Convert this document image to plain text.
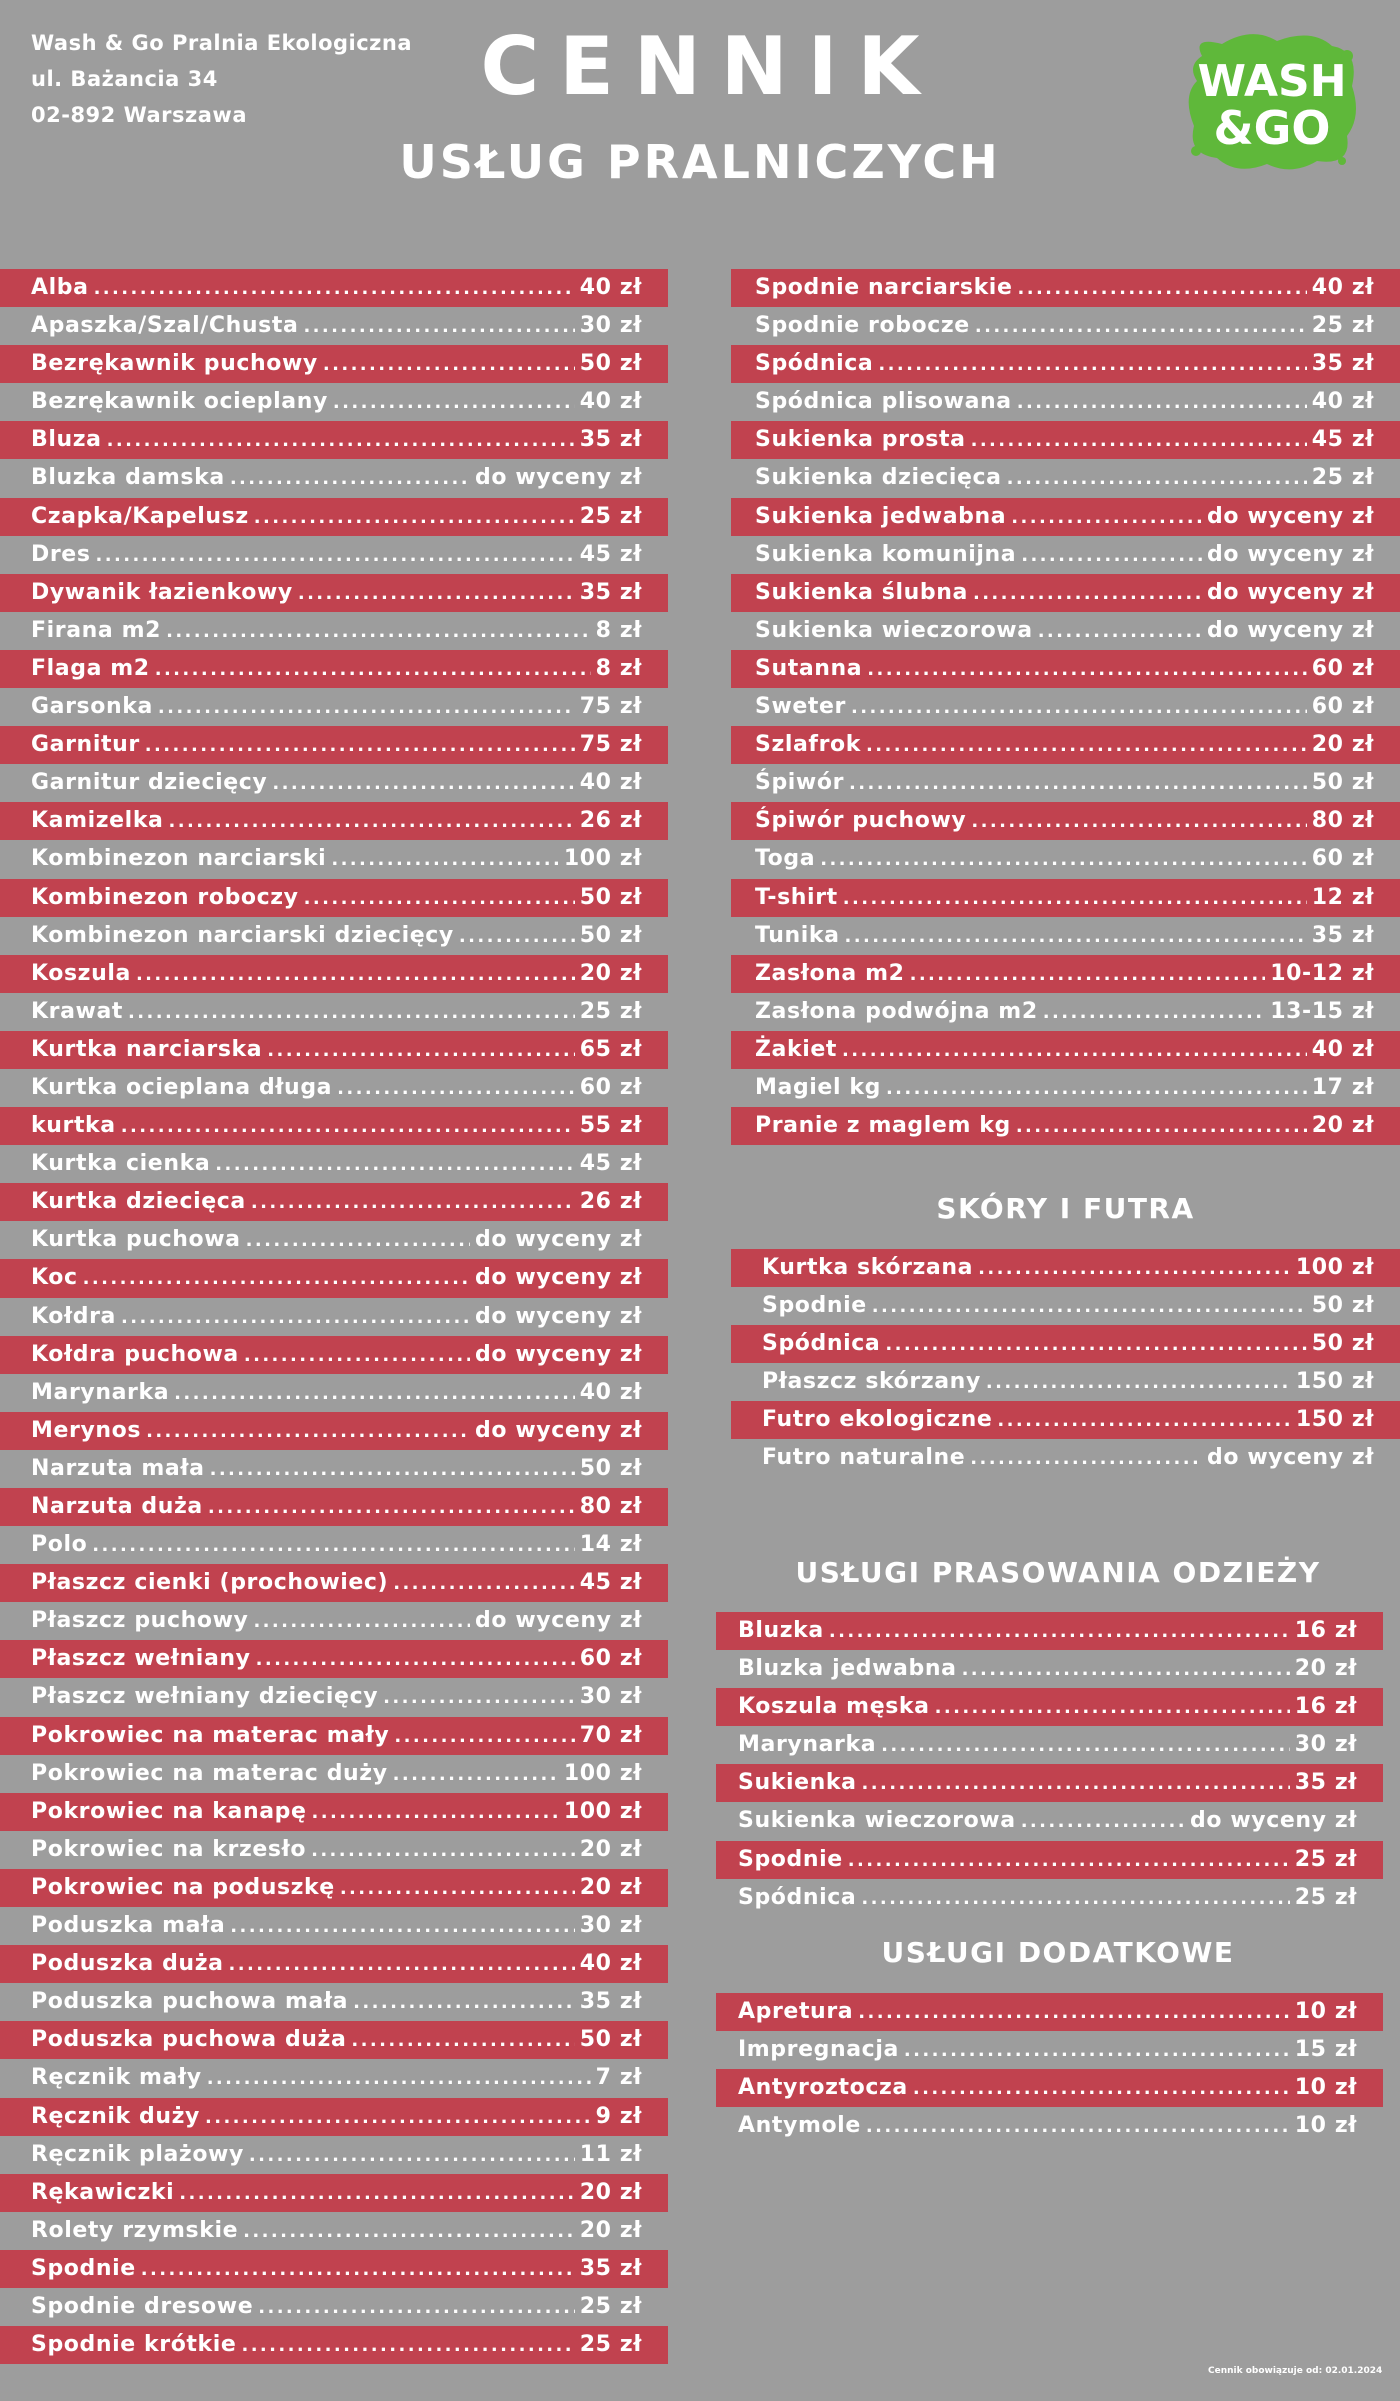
Wash & Go Pralnia Ekologiczna
ul. Bażancia 34
02-892 Warszawa
CENNIK
USŁUG PRALNICZYCH
WASH
&GO
Alba .....	40 zł
Apaszka/Szal/Chusta .....	30 zł
Bezrękawnik puchowy .....	50 zł
Bezrękawnik ocieplany .....	40 zł
Bluza .....	35 zł
Bluzka damska .....	do wyceny zł
Czapka/Kapelusz .....	25 zł
Dres .....	45 zł
Dywanik łazienkowy .....	35 zł
Firana m2 .....	8 zł
Flaga m2 .....	8 zł
Garsonka .....	75 zł
Garnitur .....	75 zł
Garnitur dziecięcy .....	40 zł
Kamizelka .....	26 zł
Kombinezon narciarski .....	100 zł
Kombinezon roboczy .....	50 zł
Kombinezon narciarski dziecięcy .....	50 zł
Koszula .....	20 zł
Krawat .....	25 zł
Kurtka narciarska .....	65 zł
Kurtka ocieplana długa .....	60 zł
kurtka .....	55 zł
Kurtka cienka .....	45 zł
Kurtka dziecięca .....	26 zł
Kurtka puchowa .....	do wyceny zł
Koc .....	do wyceny zł
Kołdra .....	do wyceny zł
Kołdra puchowa .....	do wyceny zł
Marynarka .....	40 zł
Merynos .....	do wyceny zł
Narzuta mała .....	50 zł
Narzuta duża .....	80 zł
Polo .....	14 zł
Płaszcz cienki (prochowiec) .....	45 zł
Płaszcz puchowy .....	do wyceny zł
Płaszcz wełniany .....	60 zł
Płaszcz wełniany dziecięcy .....	30 zł
Pokrowiec na materac mały .....	70 zł
Pokrowiec na materac duży .....	100 zł
Pokrowiec na kanapę .....	100 zł
Pokrowiec na krzesło .....	20 zł
Pokrowiec na poduszkę .....	20 zł
Poduszka mała .....	30 zł
Poduszka duża .....	40 zł
Poduszka puchowa mała .....	35 zł
Poduszka puchowa duża .....	50 zł
Ręcznik mały .....	7 zł
Ręcznik duży .....	9 zł
Ręcznik plażowy .....	11 zł
Rękawiczki .....	20 zł
Rolety rzymskie .....	20 zł
Spodnie .....	35 zł
Spodnie dresowe .....	25 zł
Spodnie krótkie .....	25 zł
Spodnie narciarskie .....	40 zł
Spodnie robocze .....	25 zł
Spódnica .....	35 zł
Spódnica plisowana .....	40 zł
Sukienka prosta .....	45 zł
Sukienka dziecięca .....	25 zł
Sukienka jedwabna .....	do wyceny zł
Sukienka komunijna .....	do wyceny zł
Sukienka ślubna .....	do wyceny zł
Sukienka wieczorowa .....	do wyceny zł
Sutanna .....	60 zł
Sweter .....	60 zł
Szlafrok .....	20 zł
Śpiwór .....	50 zł
Śpiwór puchowy .....	80 zł
Toga .....	60 zł
T-shirt .....	12 zł
Tunika .....	35 zł
Zasłona m2 .....	10-12 zł
Zasłona podwójna m2 .....	13-15 zł
Żakiet .....	40 zł
Magiel kg .....	17 zł
Pranie z maglem kg .....	20 zł
SKÓRY I FUTRA
Kurtka skórzana .....	100 zł
Spodnie .....	50 zł
Spódnica .....	50 zł
Płaszcz skórzany .....	150 zł
Futro ekologiczne .....	150 zł
Futro naturalne .....	do wyceny zł
USŁUGI PRASOWANIA ODZIEŻY
Bluzka .....	16 zł
Bluzka jedwabna .....	20 zł
Koszula męska .....	16 zł
Marynarka .....	30 zł
Sukienka .....	35 zł
Sukienka wieczorowa .....	do wyceny zł
Spodnie .....	25 zł
Spódnica .....	25 zł
USŁUGI DODATKOWE
Apretura .....	10 zł
Impregnacja .....	15 zł
Antyroztocza .....	10 zł
Antymole .....	10 zł
Cennik obowiązuje od: 02.01.2024
